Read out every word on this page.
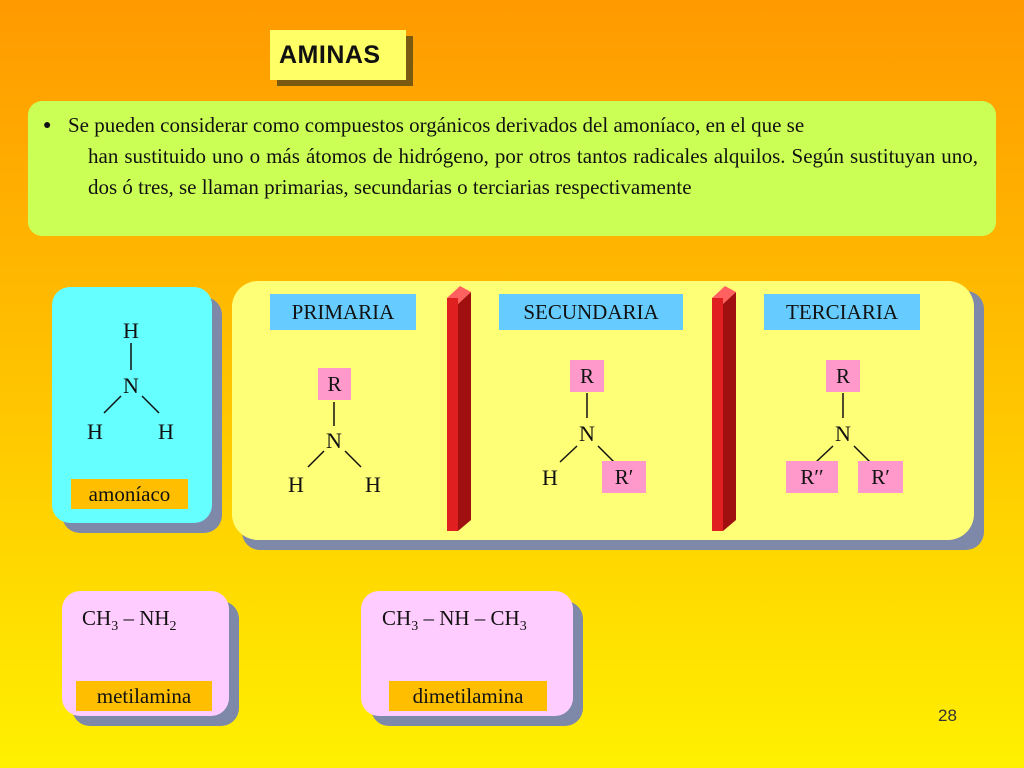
AMINAS
● Se pueden considerar como compuestos orgánicos derivados del amoníaco, en el que se
han sustituido uno o más átomos de hidrógeno, por otros tantos radicales alquilos. Según sustituyan uno, dos ó tres, se llaman primarias, secundarias o terciarias respectivamente
H
N
H	H
amoníaco
PRIMARIA
R
N
H	H
SECUNDARIA
R
N
H	R′
TERCIARIA
R
N
R′′	R′
$CH_3 - NH_2$
metilamina
$CH_3$ – NH – $CH_3$
dimetilamina
28
